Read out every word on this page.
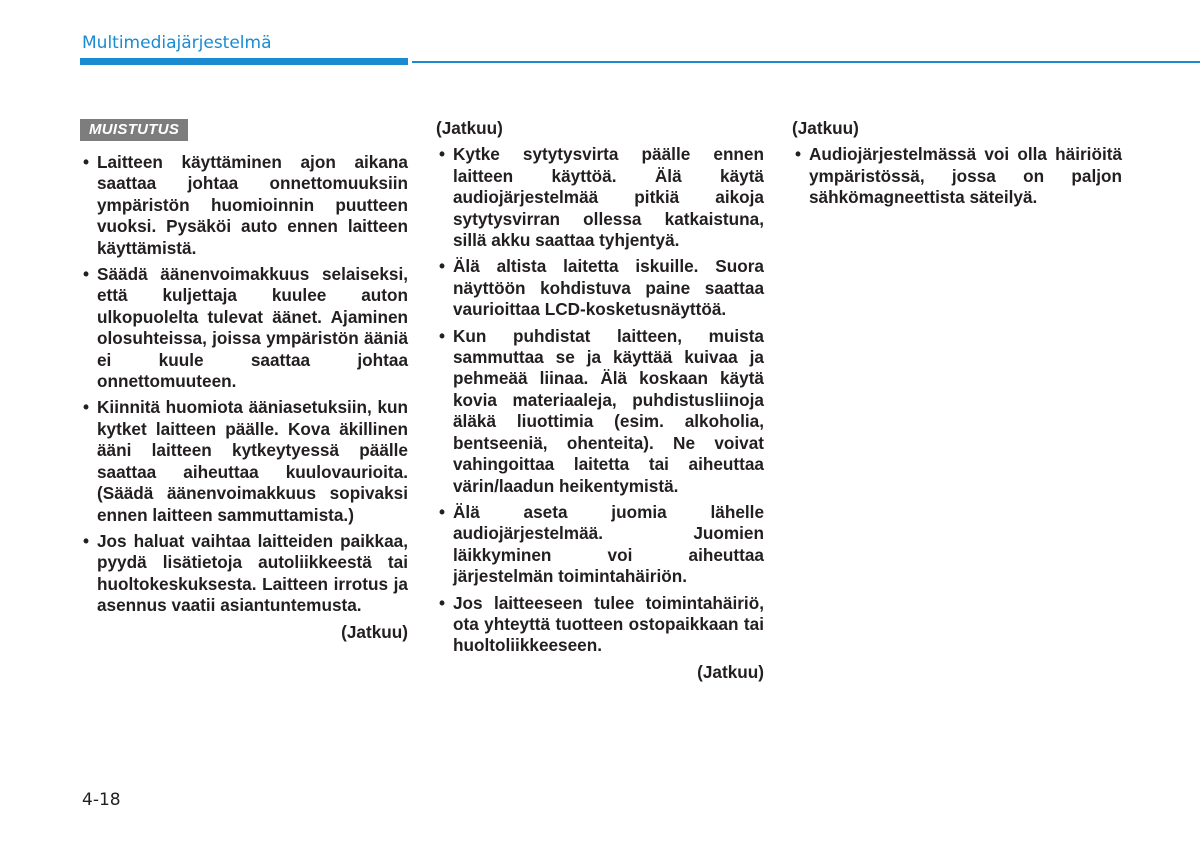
Multimediajärjestelmä
MUISTUTUS
• Laitteen käyttäminen ajon aikana saattaa johtaa onnettomuuksiin ympäristön huomioinnin puutteen vuoksi. Pysäköi auto ennen laitteen käyttämistä.
• Säädä äänenvoimakkuus selaiseksi, että kuljettaja kuulee auton ulkopuolelta tulevat äänet. Ajaminen olosuhteissa, joissa ympäristön ääniä ei kuule saattaa johtaa onnettomuuteen.
• Kiinnitä huomiota ääniasetuksiin, kun kytket laitteen päälle. Kova äkillinen ääni laitteen kytkeytyessä päälle saattaa aiheuttaa kuulovaurioita. (Säädä äänenvoimakkuus sopivaksi ennen laitteen sammuttamista.)
• Jos haluat vaihtaa laitteiden paikkaa, pyydä lisätietoja autoliikkeestä tai huoltokeskuksesta. Laitteen irrotus ja asennus vaatii asiantuntemusta.
(Jatkuu)
(Jatkuu)
• Kytke sytytysvirta päälle ennen laitteen käyttöä. Älä käytä audiojärjestelmää pitkiä aikoja sytytysvirran ollessa katkaistuna, sillä akku saattaa tyhjentyä.
• Älä altista laitetta iskuille. Suora näyttöön kohdistuva paine saattaa vaurioittaa LCD-kosketusnäyttöä.
• Kun puhdistat laitteen, muista sammuttaa se ja käyttää kuivaa ja pehmeää liinaa. Älä koskaan käytä kovia materiaaleja, puhdistusliinoja äläkä liuottimia (esim. alkoholia, bentseeniä, ohenteita). Ne voivat vahingoittaa laitetta tai aiheuttaa värin/laadun heikentymistä.
• Älä aseta juomia lähelle audiojärjestelmää. Juomien läikkyminen voi aiheuttaa järjestelmän toimintahäiriön.
• Jos laitteeseen tulee toimintahäiriö, ota yhteyttä tuotteen ostopaikkaan tai huoltoliikkeeseen.
(Jatkuu)
(Jatkuu)
• Audiojärjestelmässä voi olla häiriöitä ympäristössä, jossa on paljon sähkömagneettista säteilyä.
4-18
